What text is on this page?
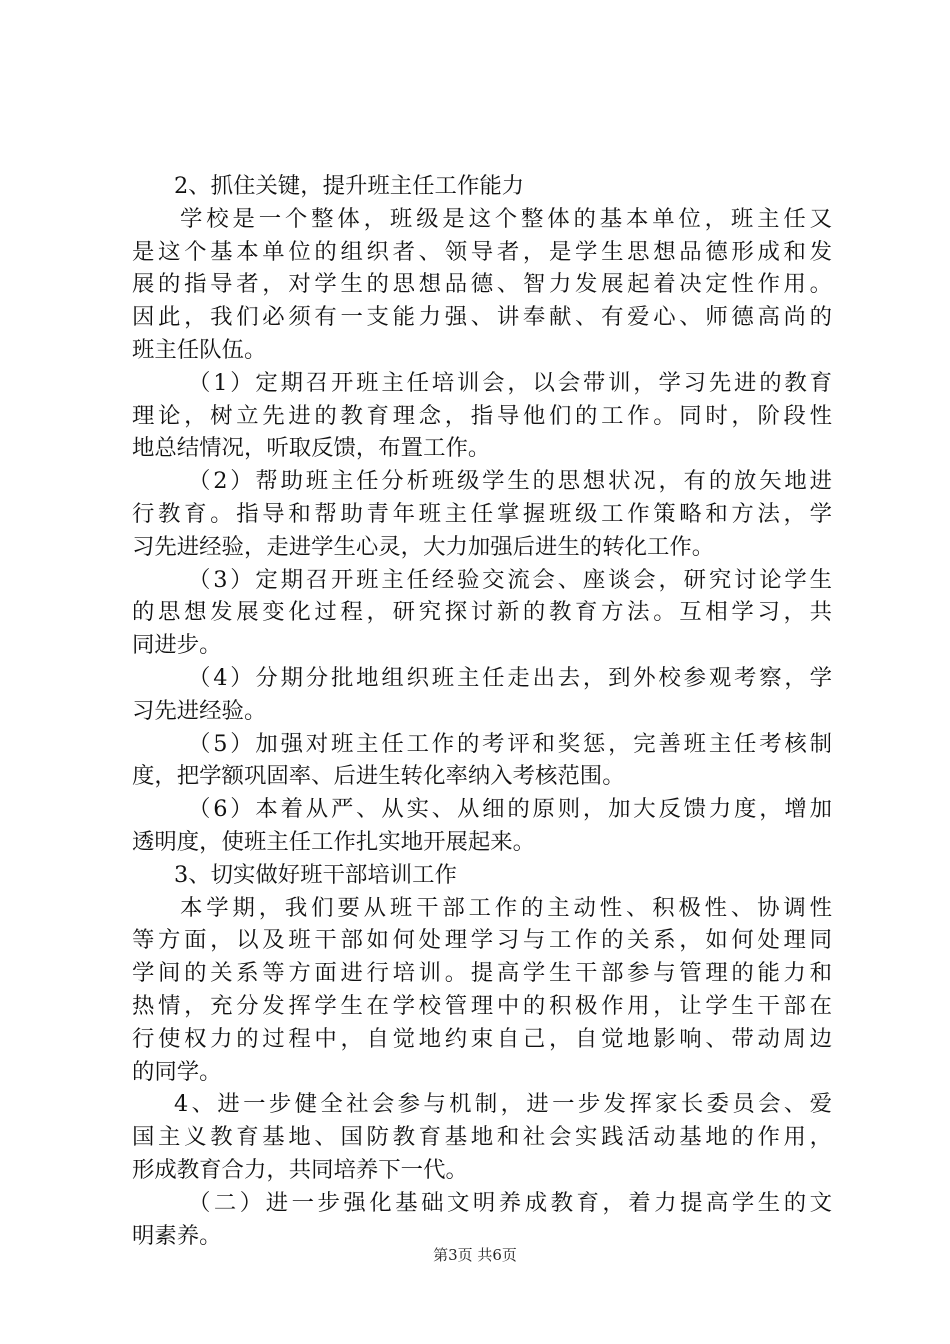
2、抓住关键，提升班主任工作能力
学校是一个整体，班级是这个整体的基本单位，班主任又
是这个基本单位的组织者、领导者，是学生思想品德形成和发
展的指导者，对学生的思想品德、智力发展起着决定性作用。
因此，我们必须有一支能力强、讲奉献、有爱心、师德高尚的
班主任队伍。
（1）定期召开班主任培训会，以会带训，学习先进的教育
理论，树立先进的教育理念，指导他们的工作。同时，阶段性
地总结情况，听取反馈，布置工作。
（2）帮助班主任分析班级学生的思想状况，有的放矢地进
行教育。指导和帮助青年班主任掌握班级工作策略和方法，学
习先进经验，走进学生心灵，大力加强后进生的转化工作。
（3）定期召开班主任经验交流会、座谈会，研究讨论学生
的思想发展变化过程，研究探讨新的教育方法。互相学习，共
同进步。
（4）分期分批地组织班主任走出去，到外校参观考察，学
习先进经验。
（5）加强对班主任工作的考评和奖惩，完善班主任考核制
度，把学额巩固率、后进生转化率纳入考核范围。
（6）本着从严、从实、从细的原则，加大反馈力度，增加
透明度，使班主任工作扎实地开展起来。
3、切实做好班干部培训工作
本学期，我们要从班干部工作的主动性、积极性、协调性
等方面，以及班干部如何处理学习与工作的关系，如何处理同
学间的关系等方面进行培训。提高学生干部参与管理的能力和
热情，充分发挥学生在学校管理中的积极作用，让学生干部在
行使权力的过程中，自觉地约束自己，自觉地影响、带动周边
的同学。
4、进一步健全社会参与机制，进一步发挥家长委员会、爱
国主义教育基地、国防教育基地和社会实践活动基地的作用，
形成教育合力，共同培养下一代。
（二）进一步强化基础文明养成教育，着力提高学生的文
明素养。
第3页 共6页
